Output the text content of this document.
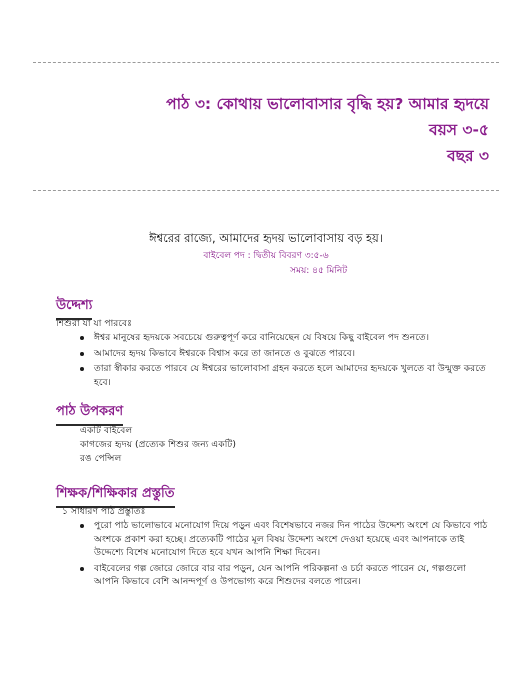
পাঠ ৩: কোথায় ভালোবাসার বৃদ্ধি হয়? আমার হৃদয়ে
বয়স ৩-৫
বছর ৩
ঈশ্বরের রাজ্যে, আমাদের হৃদয় ভালোবাসায় বড় হয়।
বাইবেল পদ : দ্বিতীয় বিবরণ ৩:৫-৬
সময়: ৪৫ মিনিট
উদ্দেশ্য
শিশুরা যা যা পারবেঃ
ঈশ্বর মানুষের হৃদয়কে সবচেয়ে গুরুত্বপূর্ণ করে বানিয়েছেন যে বিষয়ে কিছু বাইবেল পদ শুনতে।
আমাদের হৃদয় কিভাবে ঈশ্বরকে বিশ্বাস করে তা জানতে ও বুঝতে পারবে।
তারা স্বীকার করতে পারবে যে ঈশ্বরের ভালোবাসা গ্রহন করতে হলে আমাদের হৃদয়কে খুলতে বা উন্মুক্ত করতে হবে।
পাঠ উপকরণ
একটি বাইবেল
কাগজের হৃদয় (প্রত্যেক শিশুর জন্য একটি)
রঙ পেন্সিল
শিক্ষক/শিক্ষিকার প্রস্তুতি
১ সাধারণ পাঠ প্রস্তুতিঃ
পুরো পাঠ ভালোভাবে মনোযোগ দিয়ে পড়ুন এবং বিশেষভাবে নজর দিন পাঠের উদ্দেশ্য অংশে যে কিভাবে পাঠ অংশকে প্রকাশ করা হচ্ছে। প্রত্যেকটি পাঠের মূল বিষয় উদ্দেশ্য অংশে দেওয়া হয়েছে এবং আপনাকে তাই উদ্দেশ্যে বিশেষ মনোযোগ দিতে হবে যখন আপনি শিক্ষা দিবেন।
বাইবেলের গল্প জোরে জোরে বার বার পড়ুন, যেন আপনি পরিকল্পনা ও চর্চা করতে পারেন যে, গল্পগুলো আপনি কিভাবে বেশি আনন্দপূর্ণ ও উপভোগ্য করে শিশুদের বলতে পারেন।
